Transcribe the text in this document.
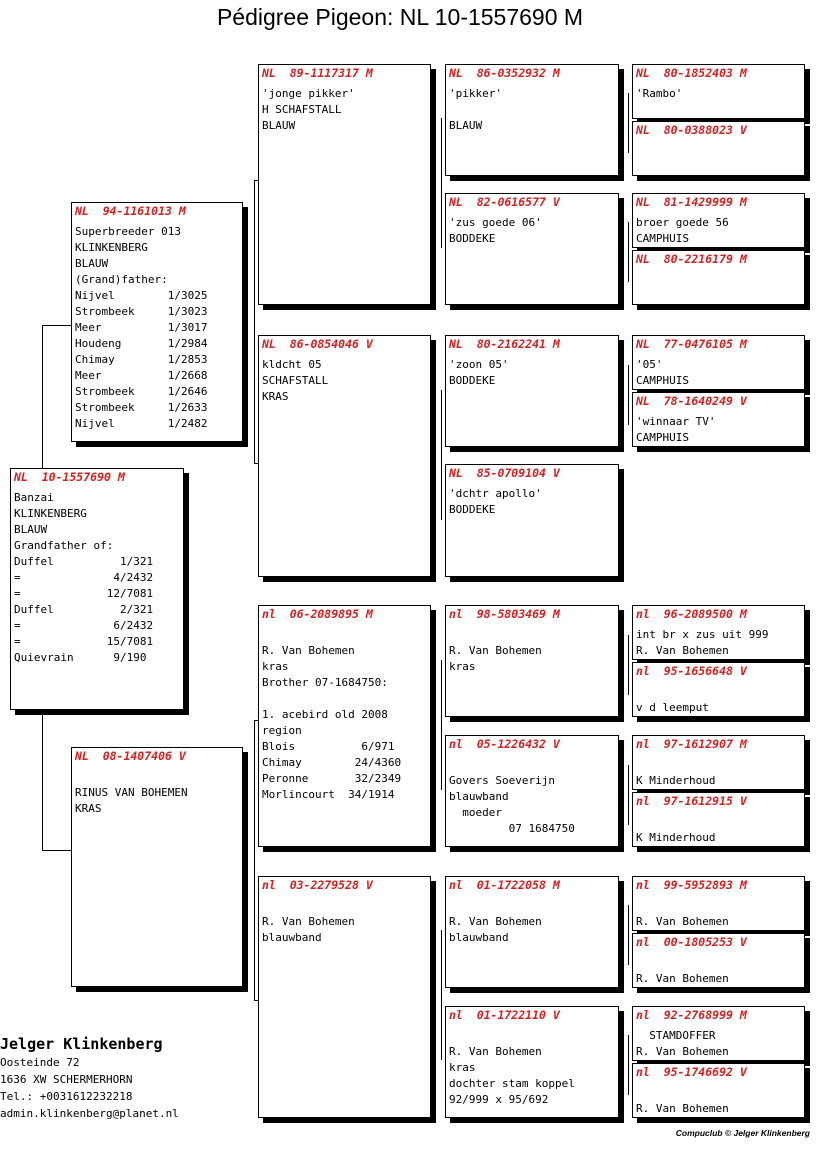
Pédigree Pigeon: NL 10-1557690 M
NL  10-1557690 M
Banzai
KLINKENBERG
BLAUW
Grandfather of:
Duffel          1/321
=              4/2432
=             12/7081
Duffel          2/321
=              6/2432
=             15/7081
Quievrain      9/190
NL  94-1161013 M
Superbreeder 013
KLINKENBERG
BLAUW
(Grand)father:
Nijvel        1/3025
Strombeek     1/3023
Meer          1/3017
Houdeng       1/2984
Chimay        1/2853
Meer          1/2668
Strombeek     1/2646
Strombeek     1/2633
Nijvel        1/2482
NL  08-1407406 V

RINUS VAN BOHEMEN
KRAS
NL  89-1117317 M
'jonge pikker'
H SCHAFSTALL
BLAUW
NL  86-0854046 V
kldcht 05
SCHAFSTALL
KRAS
nl  06-2089895 M

R. Van Bohemen
kras
Brother 07-1684750:

1. acebird old 2008
region
Blois          6/971
Chimay        24/4360
Peronne       32/2349
Morlincourt  34/1914
nl  03-2279528 V

R. Van Bohemen
blauwband
NL  86-0352932 M
'pikker'

BLAUW
NL  82-0616577 V
'zus goede 06'
BODDEKE
NL  80-2162241 M
'zoon 05'
BODDEKE
NL  85-0709104 V
'dchtr apollo'
BODDEKE
nl  98-5803469 M

R. Van Bohemen
kras
nl  05-1226432 V

Govers Soeverijn
blauwband
moeder
07 1684750
nl  01-1722058 M

R. Van Bohemen
blauwband
nl  01-1722110 V

R. Van Bohemen
kras
dochter stam koppel
92/999 x 95/692
NL  80-1852403 M
'Rambo'
NL  80-0388023 V
NL  81-1429999 M
broer goede 56
CAMPHUIS
NL  80-2216179 M
NL  77-0476105 M
'05'
CAMPHUIS
NL  78-1640249 V
'winnaar TV'
CAMPHUIS
nl  96-2089500 M
int br x zus uit 999
R. Van Bohemen
nl  95-1656648 V

v d leemput
nl  97-1612907 M

K Minderhoud
nl  97-1612915 V

K Minderhoud
nl  99-5952893 M

R. Van Bohemen
nl  00-1805253 V

R. Van Bohemen
nl  92-2768999 M
STAMDOFFER
R. Van Bohemen
nl  95-1746692 V

R. Van Bohemen
Jelger Klinkenberg
Oosteinde 72
1636 XW SCHERMERHORN
Tel.: +0031612232218
admin.klinkenberg@planet.nl
Compuclub © Jelger Klinkenberg
